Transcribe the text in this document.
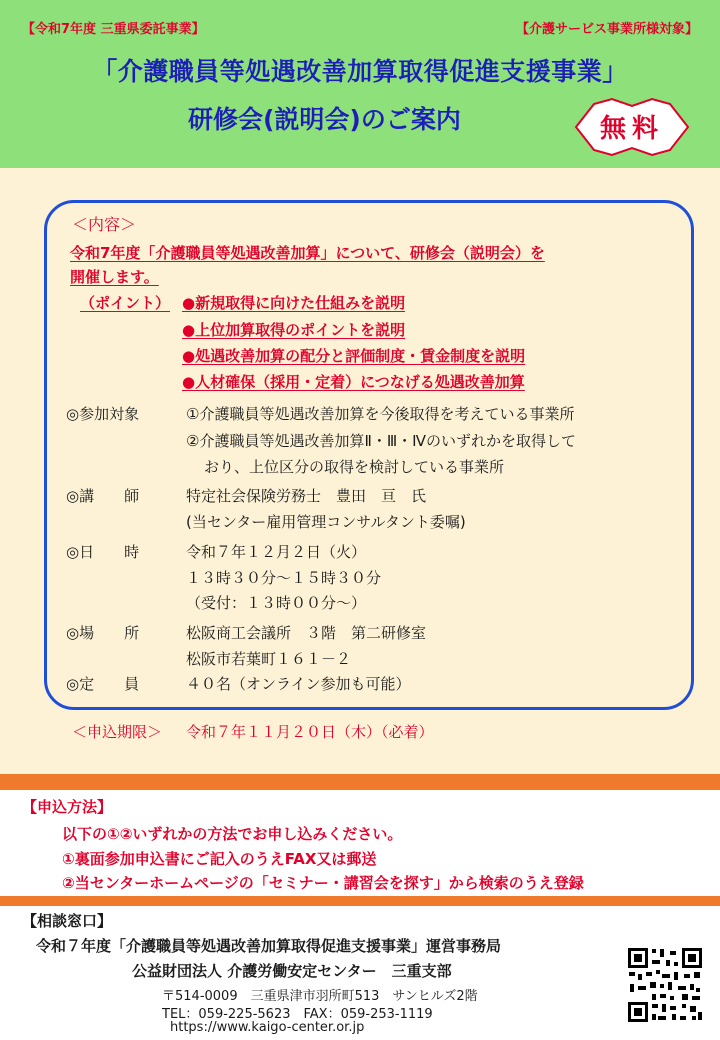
【令和7年度 三重県委託事業】	【介護サービス事業所様対象】
「介護職員等処遇改善加算取得促進支援事業」
研修会(説明会)のご案内	無料
＜内容＞
令和7年度「介護職員等処遇改善加算」について、研修会（説明会）を
開催します。
（ポイント） ●新規取得に向けた仕組みを説明
●上位加算取得のポイントを説明
●処遇改善加算の配分と評価制度・賃金制度を説明
●人材確保（採用・定着）につなげる処遇改善加算
◎参加対象	①介護職員等処遇改善加算を今後取得を考えている事業所
②介護職員等処遇改善加算Ⅱ・Ⅲ・Ⅳのいずれかを取得して
おり、上位区分の取得を検討している事業所
◎講　　師	特定社会保険労務士　豊田　亘　氏
(当センター雇用管理コンサルタント委嘱)
◎日　　時	令和７年１２月２日（火）
１３時３０分～１５時３０分
（受付：１３時００分～）
◎場　　所	松阪商工会議所　３階　第二研修室
松阪市若葉町１６１－２
◎定　　員	４０名（オンライン参加も可能）
＜申込期限＞ 令和７年１１月２０日（木）（必着）
【申込方法】
以下の①②いずれかの方法でお申し込みください。
①裏面参加申込書にご記入のうえFAX又は郵送
②当センターホームページの「セミナー・講習会を探す」から検索のうえ登録
【相談窓口】
令和７年度「介護職員等処遇改善加算取得促進支援事業」運営事務局
公益財団法人 介護労働安定センター　三重支部
〒514-0009　三重県津市羽所町513　サンヒルズ2階
TEL：059-225-5623　FAX：059-253-1119
https://www.kaigo-center.or.jp
